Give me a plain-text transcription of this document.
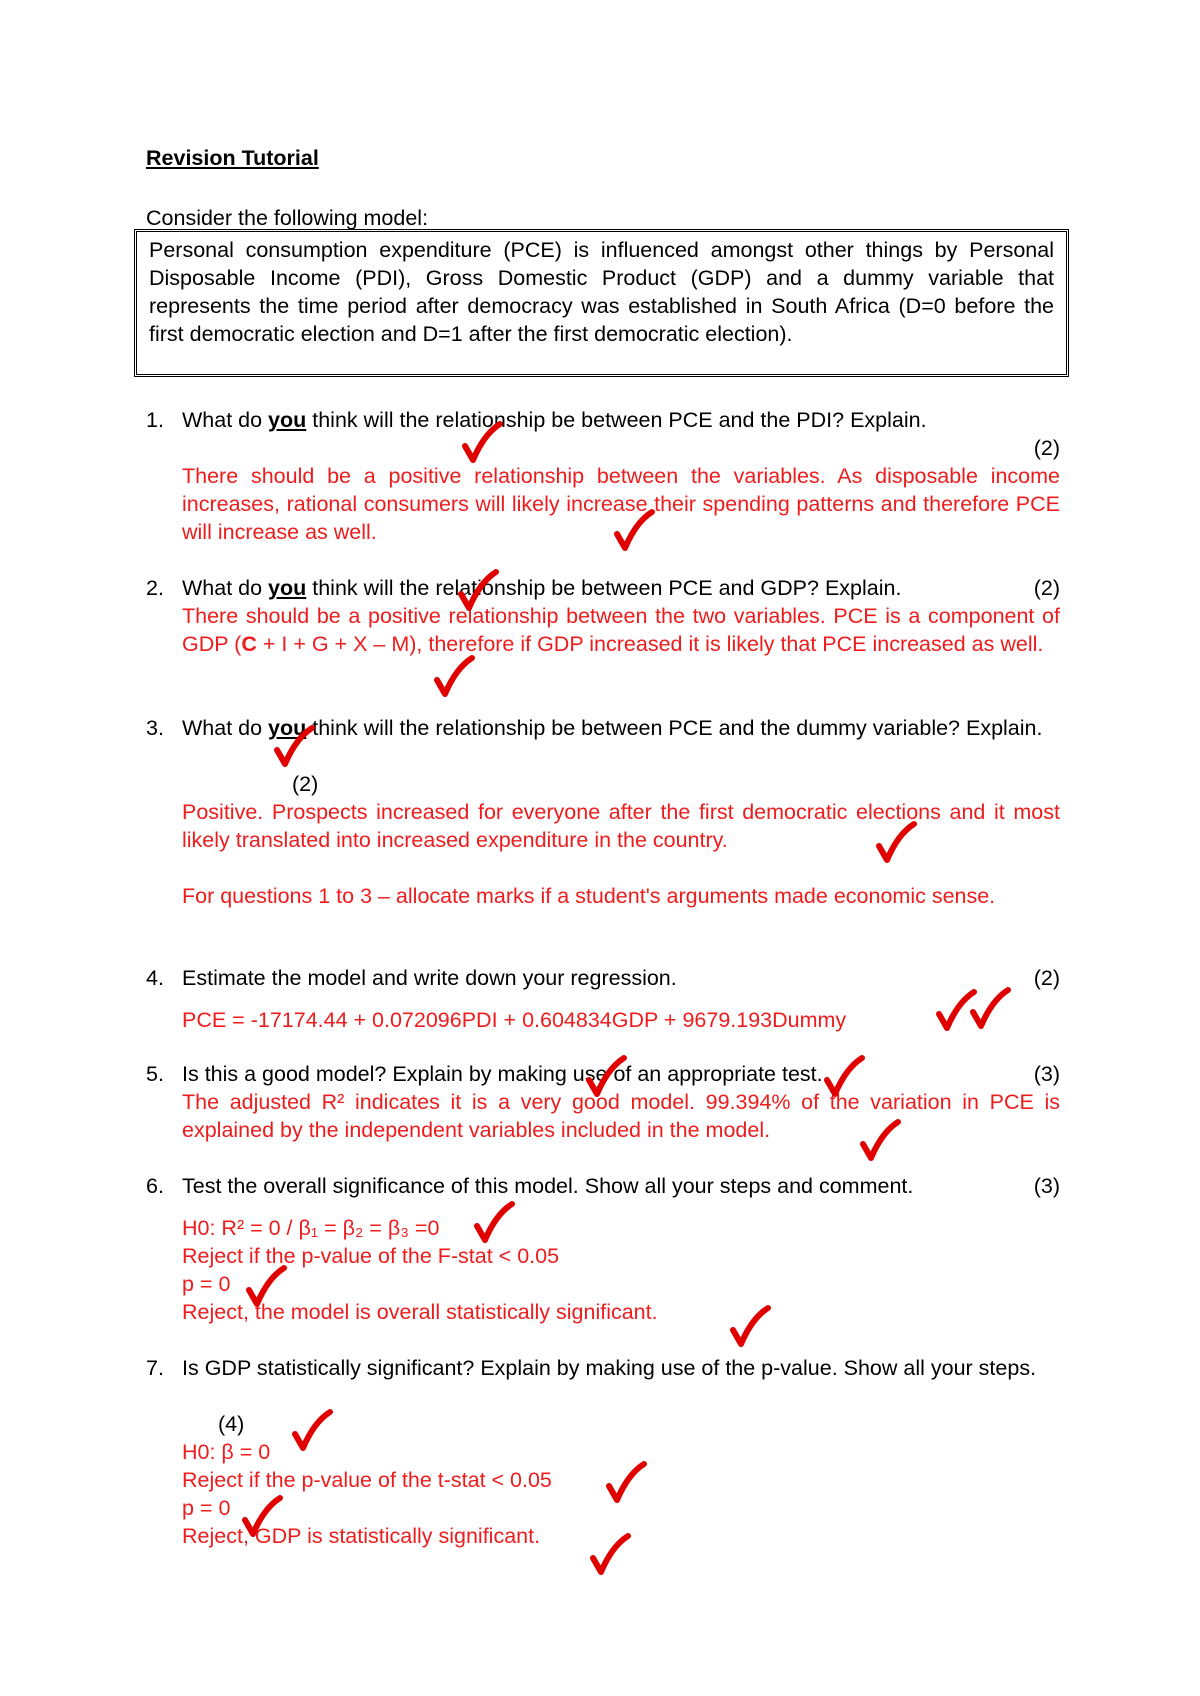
Revision Tutorial
Consider the following model:
Personal consumption expenditure (PCE) is influenced amongst other things by Personal Disposable Income (PDI), Gross Domestic Product (GDP) and a dummy variable that represents the time period after democracy was established in South Africa (D=0 before the first democratic election and D=1 after the first democratic election).
1. What do you think will the relationship be between PCE and the PDI? Explain.
(2)
There should be a positive relationship between the variables. As disposable income increases, rational consumers will likely increase their spending patterns and therefore PCE will increase as well.
2. What do you think will the relationship be between PCE and GDP? Explain.	(2)
There should be a positive relationship between the two variables. PCE is a component of GDP (C + I + G + X – M), therefore if GDP increased it is likely that PCE increased as well.
3. What do you think will the relationship be between PCE and the dummy variable? Explain.
(2)
Positive. Prospects increased for everyone after the first democratic elections and it most likely translated into increased expenditure in the country.
For questions 1 to 3 – allocate marks if a student's arguments made economic sense.
4. Estimate the model and write down your regression.	(2)
PCE = -17174.44 + 0.072096PDI + 0.604834GDP + 9679.193Dummy
5. Is this a good model? Explain by making use of an appropriate test.	(3)
The adjusted R² indicates it is a very good model. 99.394% of the variation in PCE is explained by the independent variables included in the model.
6. Test the overall significance of this model. Show all your steps and comment.	(3)
H0: R² = 0 / β₁ = β₂ = β₃ =0
Reject if the p-value of the F-stat < 0.05
p = 0
Reject, the model is overall statistically significant.
7. Is GDP statistically significant? Explain by making use of the p-value. Show all your steps.
(4)
H0: β = 0
Reject if the p-value of the t-stat < 0.05
p = 0
Reject, GDP is statistically significant.
